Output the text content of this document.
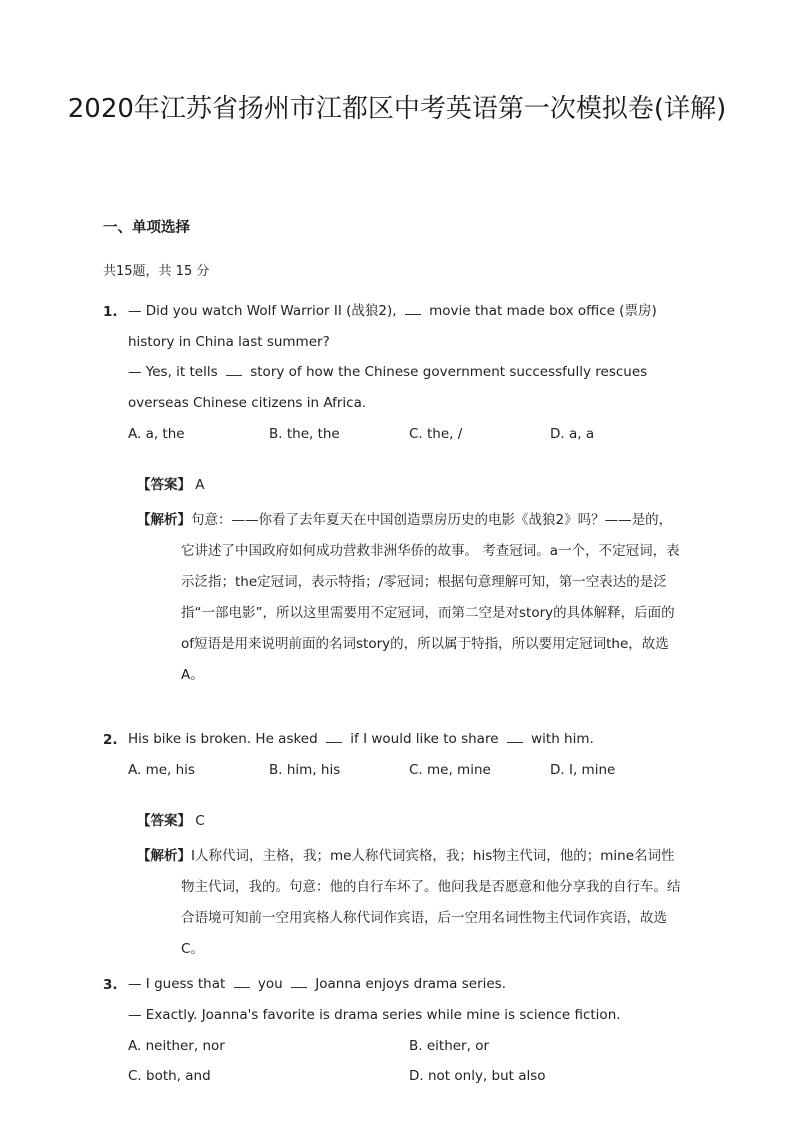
2020年江苏省扬州市江都区中考英语第一次模拟卷(详解)
一、单项选择
共15题，共 15 分
1. — Did you watch Wolf Warrior II (战狼2),  movie that made box office (票房) history in China last summer?
— Yes, it tells  story of how the Chinese government successfully rescues overseas Chinese citizens in Africa.
A. a, the	B. the, the	C. the, /	D. a, a
【答案】 A
【解析】句意：——你看了去年夏天在中国创造票房历史的电影《战狼2》吗？——是的，它讲述了中国政府如何成功营救非洲华侨的故事。 考查冠词。a一个，不定冠词，表示泛指；the定冠词，表示特指；/零冠词；根据句意理解可知，第一空表达的是泛指“一部电影”，所以这里需要用不定冠词，而第二空是对story的具体解释，后面的of短语是用来说明前面的名词story的，所以属于特指，所以要用定冠词the，故选A。
2. His bike is broken. He asked  if I would like to share  with him.
A. me, his	B. him, his	C. me, mine	D. I, mine
【答案】 C
【解析】I人称代词，主格，我；me人称代词宾格，我；his物主代词，他的；mine名词性物主代词，我的。句意：他的自行车坏了。他问我是否愿意和他分享我的自行车。结合语境可知前一空用宾格人称代词作宾语，后一空用名词性物主代词作宾语，故选C。
3. — I guess that  you  Joanna enjoys drama series.
— Exactly. Joanna's favorite is drama series while mine is science fiction.
A. neither, nor	B. either, or
C. both, and	D. not only, but also
